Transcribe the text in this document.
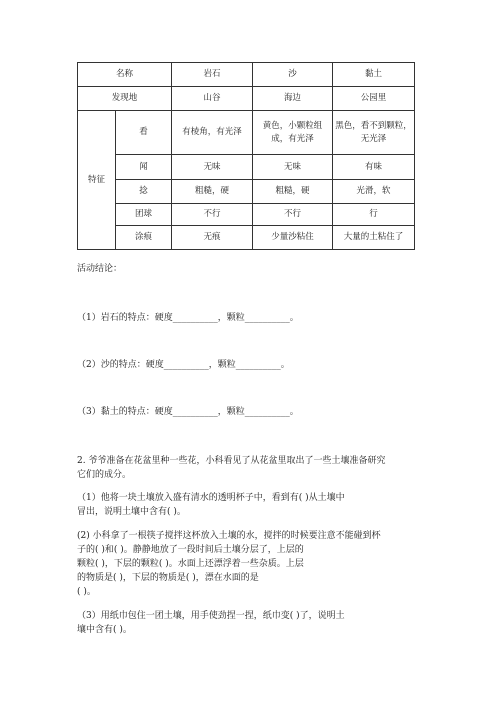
名称		岩石	沙	黏土
发现地		山谷	海边	公园里
特征	看	有棱角，有光泽	黄色，小颗粒组成，有光泽	黑色，看不到颗粒，无光泽
	闻	无味	无味	有味
	捻	粗糙，硬	粗糙，硬	光滑，软
	团球	不行	不行	行
	涂痕	无痕	少量沙粘住	大量的土粘住了

活动结论：

（1）岩石的特点：硬度__________，颗粒__________。

（2）沙的特点：硬度__________，颗粒__________。

（3）黏土的特点：硬度__________，颗粒__________。

2. 爷爷准备在花盆里种一些花，小科看见了从花盆里取出了一些土壤准备研究

它们的成分。

（1）他将一块土壤放入盛有清水的透明杯子中，看到有( )从土壤中

冒出，说明土壤中含有( )。

(2) 小科拿了一根筷子搅拌这杯放入土壤的水，搅拌的时候要注意不能碰到杯

子的( )和( )。静静地放了一段时间后土壤分层了，上层的

颗粒( )，下层的颗粒( )。水面上还漂浮着一些杂质。上层

的物质是( )，下层的物质是( )，漂在水面的是

( )。

（3）用纸巾包住一团土壤，用手使劲捏一捏，纸巾变( )了，说明土

壤中含有( )。
